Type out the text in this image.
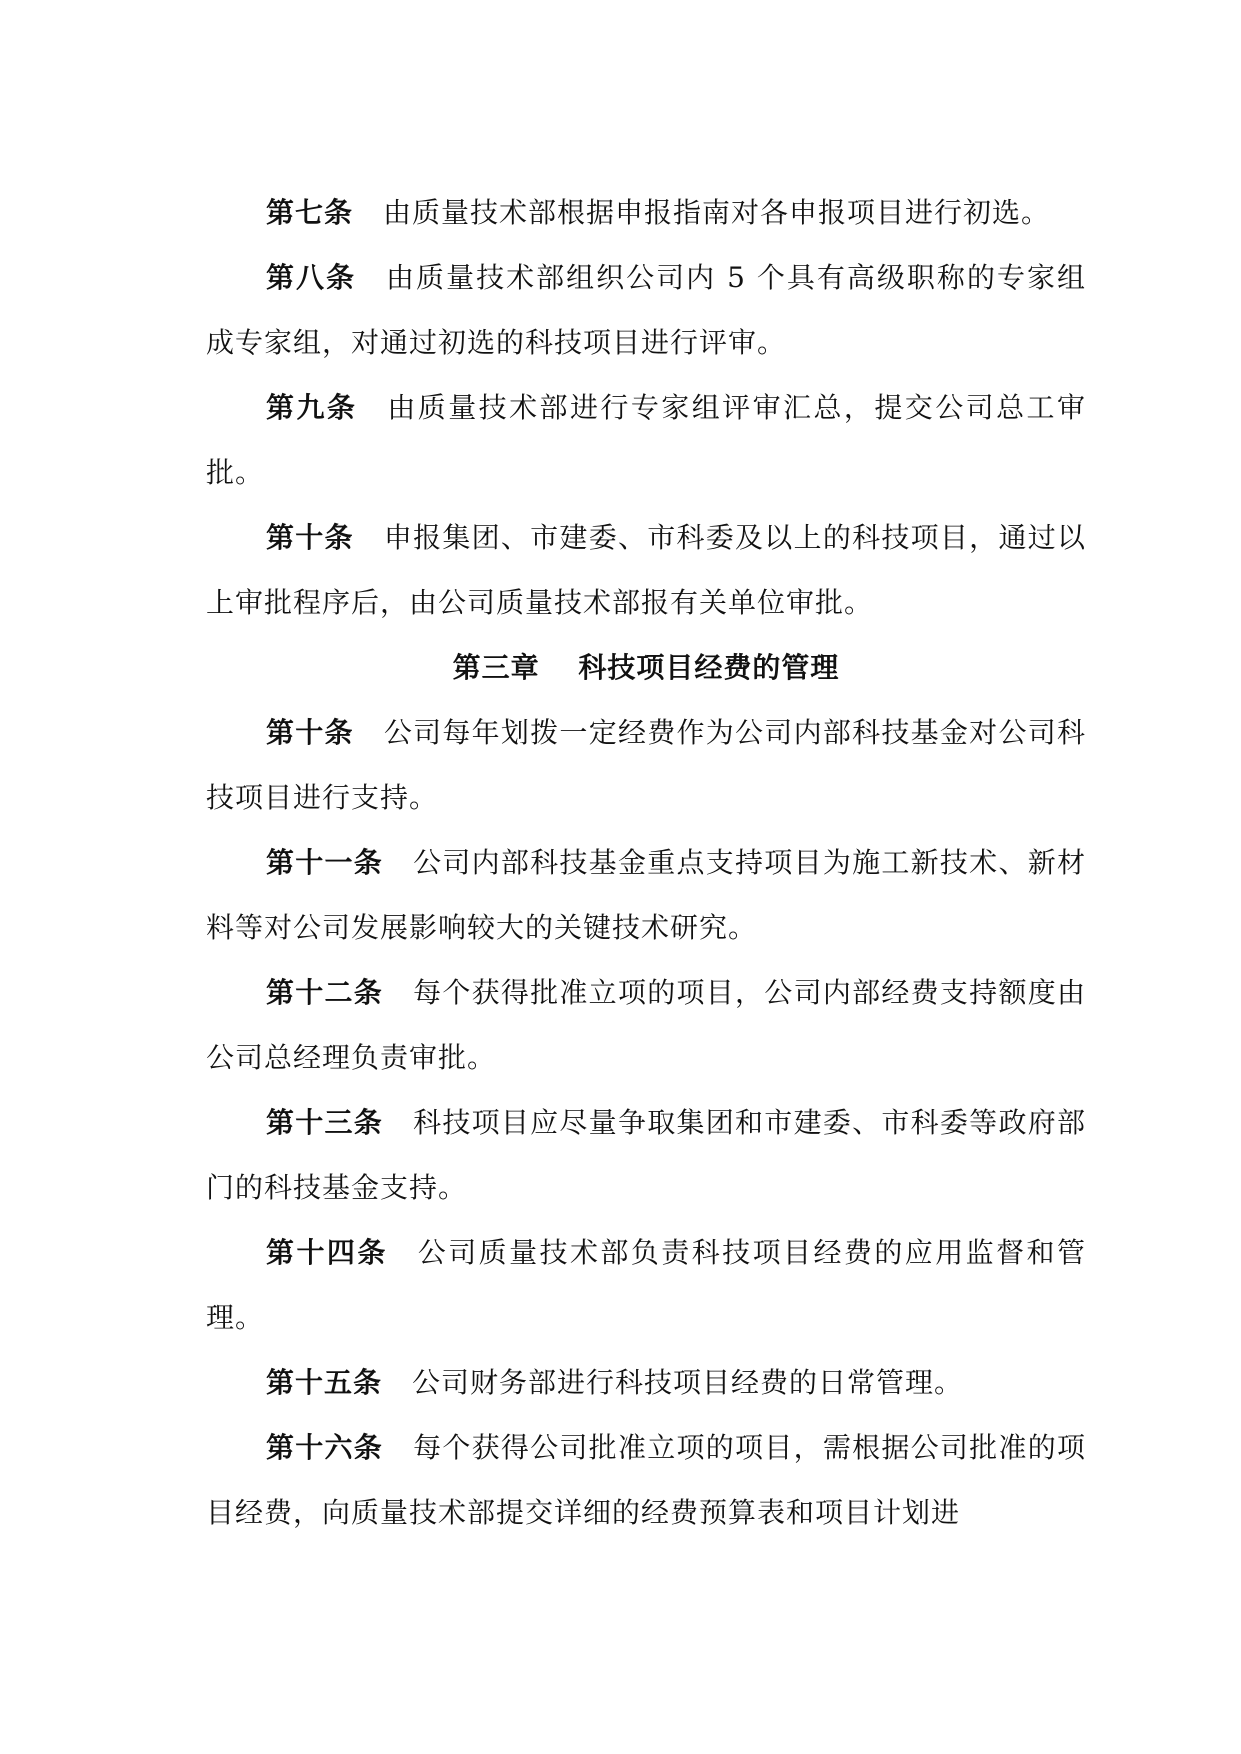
第七条 由质量技术部根据申报指南对各申报项目进行初选。

第八条 由质量技术部组织公司内 5 个具有高级职称的专家组成专家组，对通过初选的科技项目进行评审。

第九条 由质量技术部进行专家组评审汇总，提交公司总工审批。

第十条 申报集团、市建委、市科委及以上的科技项目，通过以上审批程序后，由公司质量技术部报有关单位审批。

第三章 科技项目经费的管理

第十条 公司每年划拨一定经费作为公司内部科技基金对公司科技项目进行支持。

第十一条 公司内部科技基金重点支持项目为施工新技术、新材料等对公司发展影响较大的关键技术研究。

第十二条 每个获得批准立项的项目，公司内部经费支持额度由公司总经理负责审批。

第十三条 科技项目应尽量争取集团和市建委、市科委等政府部门的科技基金支持。

第十四条 公司质量技术部负责科技项目经费的应用监督和管理。

第十五条 公司财务部进行科技项目经费的日常管理。

第十六条 每个获得公司批准立项的项目，需根据公司批准的项目经费，向质量技术部提交详细的经费预算表和项目计划进
